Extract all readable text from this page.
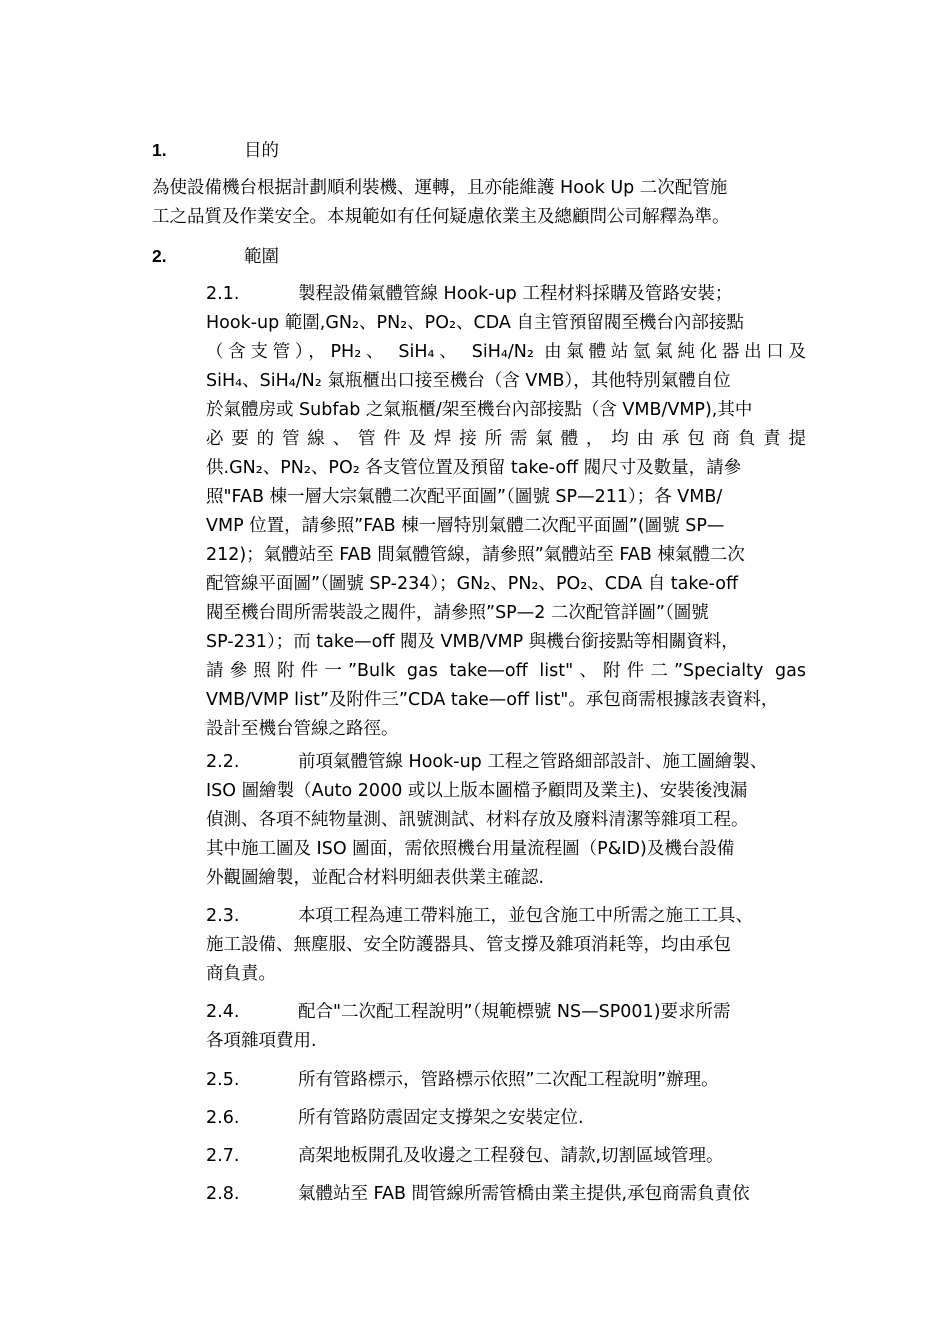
1.	目的

為使設備機台根据計劃順利裝機、運轉，且亦能維護 Hook Up 二次配管施

工之品質及作業安全。本規範如有任何疑慮依業主及總顧問公司解釋為準。

2.	範圍

2.1.	製程設備氣體管線 Hook-up 工程材料採購及管路安裝；

Hook-up 範圍,GN₂、PN₂、PO₂、CDA 自主管預留閥至機台內部接點

（含支管），PH₂、 SiH₄、 SiH₄/N₂ 由氣體站氫氣純化器出口及

SiH₄、SiH₄/N₂ 氣瓶櫃出口接至機台（含 VMB），其他特別氣體自位

於氣體房或 Subfab 之氣瓶櫃/架至機台內部接點（含 VMB/VMP),其中

必要的管線、管件及焊接所需氣體，均由承包商負責提

供.GN₂、PN₂、PO₂ 各支管位置及預留 take-off 閥尺寸及數量，請參

照"FAB 棟一層大宗氣體二次配平面圖”（圖號 SP—211）；各 VMB/

VMP 位置，請參照”FAB 棟一層特別氣體二次配平面圖”(圖號 SP—

212)；氣體站至 FAB 間氣體管線，請參照”氣體站至 FAB 棟氣體二次

配管線平面圖”（圖號 SP-234）；GN₂、PN₂、PO₂、CDA 自 take-off

閥至機台間所需裝設之閥件，請參照”SP—2 二次配管詳圖”（圖號

SP-231）；而 take—off 閥及 VMB/VMP 與機台銜接點等相關資料，

請參照附件一”Bulk gas take—off list"、附件二”Specialty gas

VMB/VMP list”及附件三”CDA take—off list"。承包商需根據該表資料，

設計至機台管線之路徑。

2.2.	前項氣體管線 Hook-up 工程之管路細部設計、施工圖繪製、

ISO 圖繪製（Auto 2000 或以上版本圖檔予顧問及業主)、安裝後洩漏

偵測、各項不純物量測、訊號測試、材料存放及廢料清潔等雜項工程。

其中施工圖及 ISO 圖面，需依照機台用量流程圖（P&ID)及機台設備

外觀圖繪製，並配合材料明細表供業主確認.

2.3.	本項工程為連工帶料施工，並包含施工中所需之施工工具、

施工設備、無塵服、安全防護器具、管支撐及雜項消耗等，均由承包

商負責。

2.4.	配合"二次配工程說明”（規範標號 NS—SP001)要求所需

各項雜項費用.

2.5.	所有管路標示，管路標示依照”二次配工程說明”辦理。

2.6.	所有管路防震固定支撐架之安裝定位.

2.7.	高架地板開孔及收邊之工程發包、請款,切割區域管理。

2.8.	氣體站至 FAB 間管線所需管橋由業主提供,承包商需負責依
